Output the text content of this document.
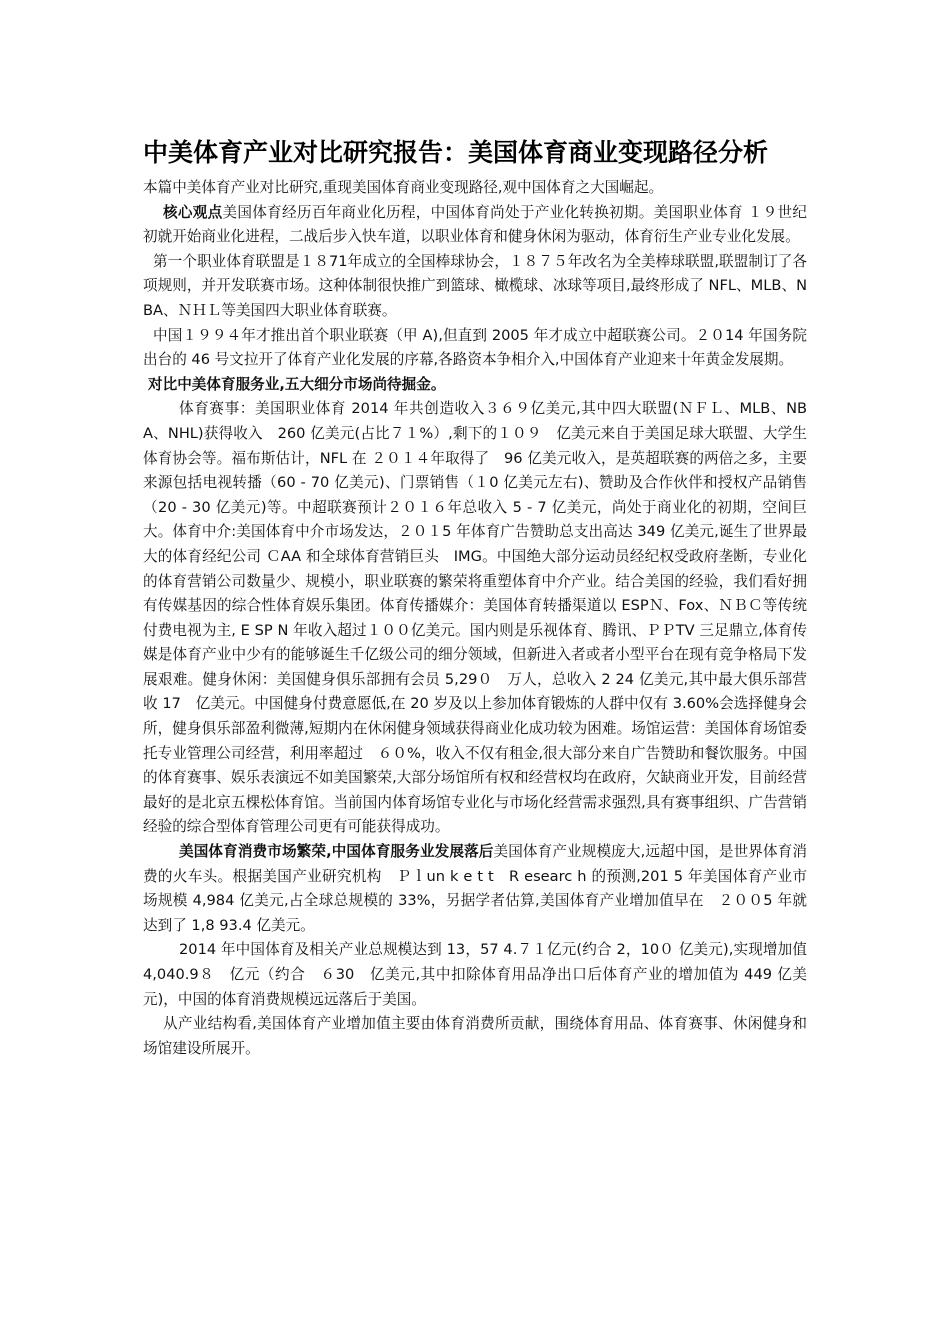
中美体育产业对比研究报告：美国体育商业变现路径分析

本篇中美体育产业对比研究,重现美国体育商业变现路径,观中国体育之大国崛起。

核心观点美国体育经历百年商业化历程，中国体育尚处于产业化转换初期。美国职业体育 １９世纪初就开始商业化进程，二战后步入快车道，以职业体育和健身休闲为驱动，体育衍生产业专业化发展。

第一个职业体育联盟是１８71年成立的全国棒球协会，１８７５年改名为全美棒球联盟,联盟制订了各项规则，并开发联赛市场。这种体制很快推广到篮球、橄榄球、冰球等项目,最终形成了 NFL、MLB、NBA、ＮＨＬ等美国四大职业体育联赛。

中国１９９４年才推出首个职业联赛（甲 A),但直到 2005 年才成立中超联赛公司。２０14 年国务院出台的 46 号文拉开了体育产业化发展的序幕,各路资本争相介入,中国体育产业迎来十年黄金发展期。

对比中美体育服务业,五大细分市场尚待掘金。

体育赛事：美国职业体育 2014 年共创造收入３６９亿美元,其中四大联盟(ＮＦＬ、MLB、NBA、NHL)获得收入　260 亿美元(占比７１%）,剩下的１０９　亿美元来自于美国足球大联盟、大学生体育协会等。福布斯估计，NFL 在 ２０１４年取得了　96 亿美元收入，是英超联赛的两倍之多，主要来源包括电视转播（60 - 70 亿美元)、门票销售（１0 亿美元左右)、赞助及合作伙伴和授权产品销售（20 - 30 亿美元)等。中超联赛预计２０１６年总收入 5 - 7 亿美元，尚处于商业化的初期，空间巨大。体育中介:美国体育中介市场发达，２０１5 年体育广告赞助总支出高达 349 亿美元,诞生了世界最大的体育经纪公司 ＣAA 和全球体育营销巨头　IMG。中国绝大部分运动员经纪权受政府垄断，专业化的体育营销公司数量少、规模小，职业联赛的繁荣将重塑体育中介产业。结合美国的经验，我们看好拥有传媒基因的综合性体育娱乐集团。体育传播媒介：美国体育转播渠道以 ESPＮ、Fox、ＮＢＣ等传统付费电视为主, E SP N 年收入超过１００亿美元。国内则是乐视体育、腾讯、ＰＰTV 三足鼎立,体育传媒是体育产业中少有的能够诞生千亿级公司的细分领域，但新进入者或者小型平台在现有竞争格局下发展艰难。健身休闲：美国健身俱乐部拥有会员 5,29０　万人，总收入 2 24 亿美元,其中最大俱乐部营收 17　亿美元。中国健身付费意愿低,在 20 岁及以上参加体育锻炼的人群中仅有 3.60%会选择健身会所，健身俱乐部盈利微薄,短期内在休闲健身领域获得商业化成功较为困难。场馆运营：美国体育场馆委托专业管理公司经营，利用率超过　６０%，收入不仅有租金,很大部分来自广告赞助和餐饮服务。中国的体育赛事、娱乐表演远不如美国繁荣,大部分场馆所有权和经营权均在政府，欠缺商业开发，目前经营最好的是北京五棵松体育馆。当前国内体育场馆专业化与市场化经营需求强烈,具有赛事组织、广告营销经验的综合型体育管理公司更有可能获得成功。

美国体育消费市场繁荣,中国体育服务业发展落后美国体育产业规模庞大,远超中国，是世界体育消费的火车头。根据美国产业研究机构　Ｐｌun k e t t　R esearc h 的预测,201 5 年美国体育产业市场规模 4,984 亿美元,占全球总规模的 33%，另据学者估算,美国体育产业增加值早在　２００5 年就达到了 1,8 93.4 亿美元。

2014 年中国体育及相关产业总规模达到 13，57 4.７１亿元(约合 2，10０ 亿美元),实现增加值　4,040.9８　亿元（约合　６30　亿美元,其中扣除体育用品净出口后体育产业的增加值为 449 亿美元)，中国的体育消费规模远远落后于美国。

从产业结构看,美国体育产业增加值主要由体育消费所贡献，围绕体育用品、体育赛事、休闲健身和场馆建设所展开。
